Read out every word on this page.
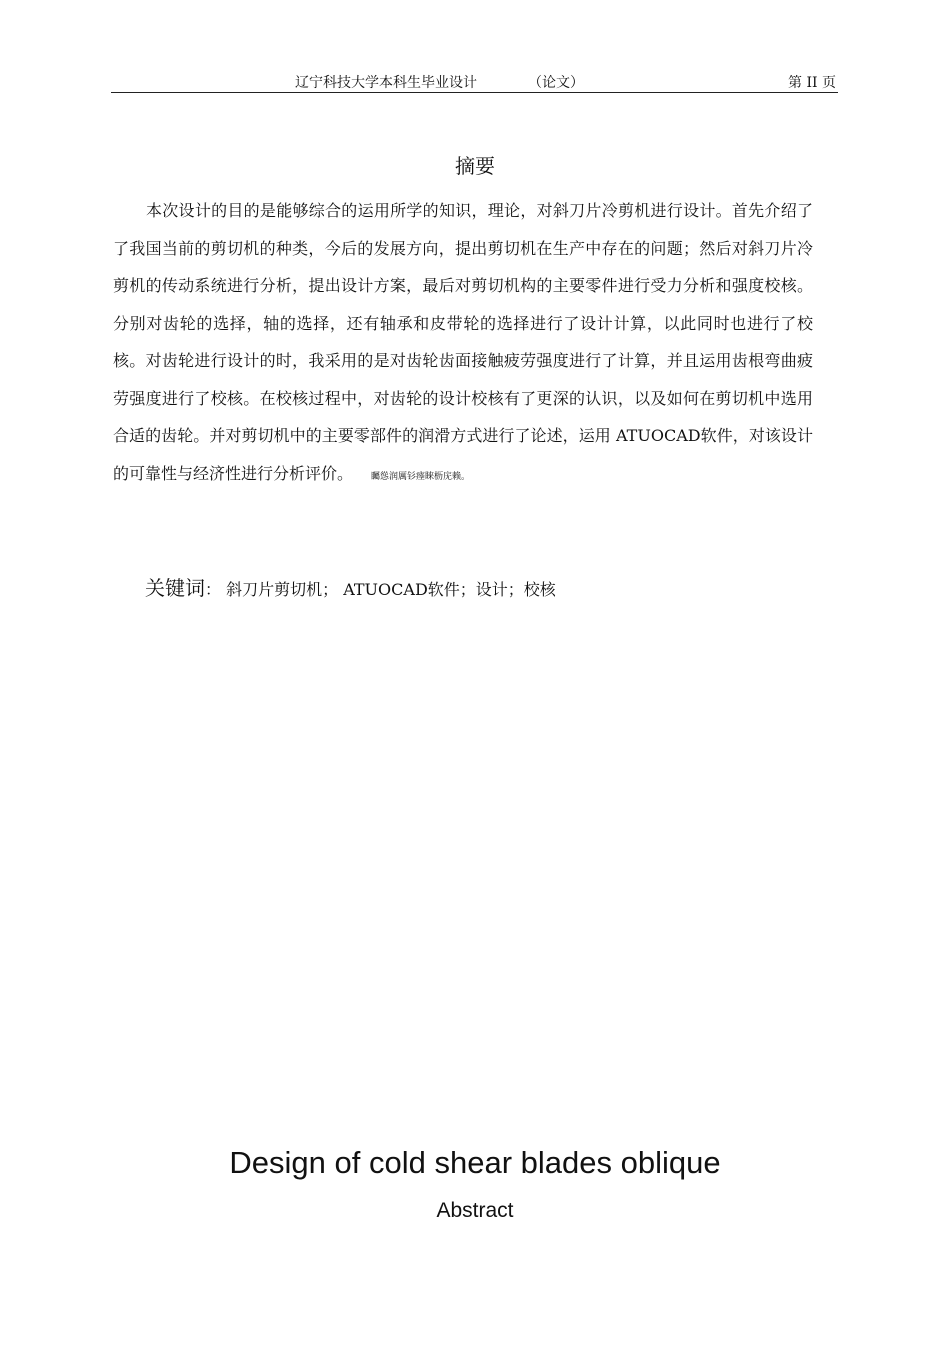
辽宁科技大学本科生毕业设计	（论文）	第 II 页
摘要
本次设计的目的是能够综合的运用所学的知识，理论，对斜刀片冷剪机进行设计。首先介绍了了我国当前的剪切机的种类，今后的发展方向，提出剪切机在生产中存在的问题；然后对斜刀片冷剪机的传动系统进行分析，提出设计方案，最后对剪切机构的主要零件进行受力分析和强度校核。分别对齿轮的选择，轴的选择，还有轴承和皮带轮的选择进行了设计计算，以此同时也进行了校核。对齿轮进行设计的时，我采用的是对齿轮齿面接触疲劳强度进行了计算，并且运用齿根弯曲疲劳强度进行了校核。在校核过程中，对齿轮的设计校核有了更深的认识，以及如何在剪切机中选用合适的齿轮。并对剪切机中的主要零部件的润滑方式进行了论述，运用 ATUOCAD软件，对该设计的可靠性与经济性进行分析评价。 矚慫润厲钐瘗睞枥庑赖。
关键词： 斜刀片剪切机； ATUOCAD软件；设计；校核
Design of cold shear blades oblique
Abstract
